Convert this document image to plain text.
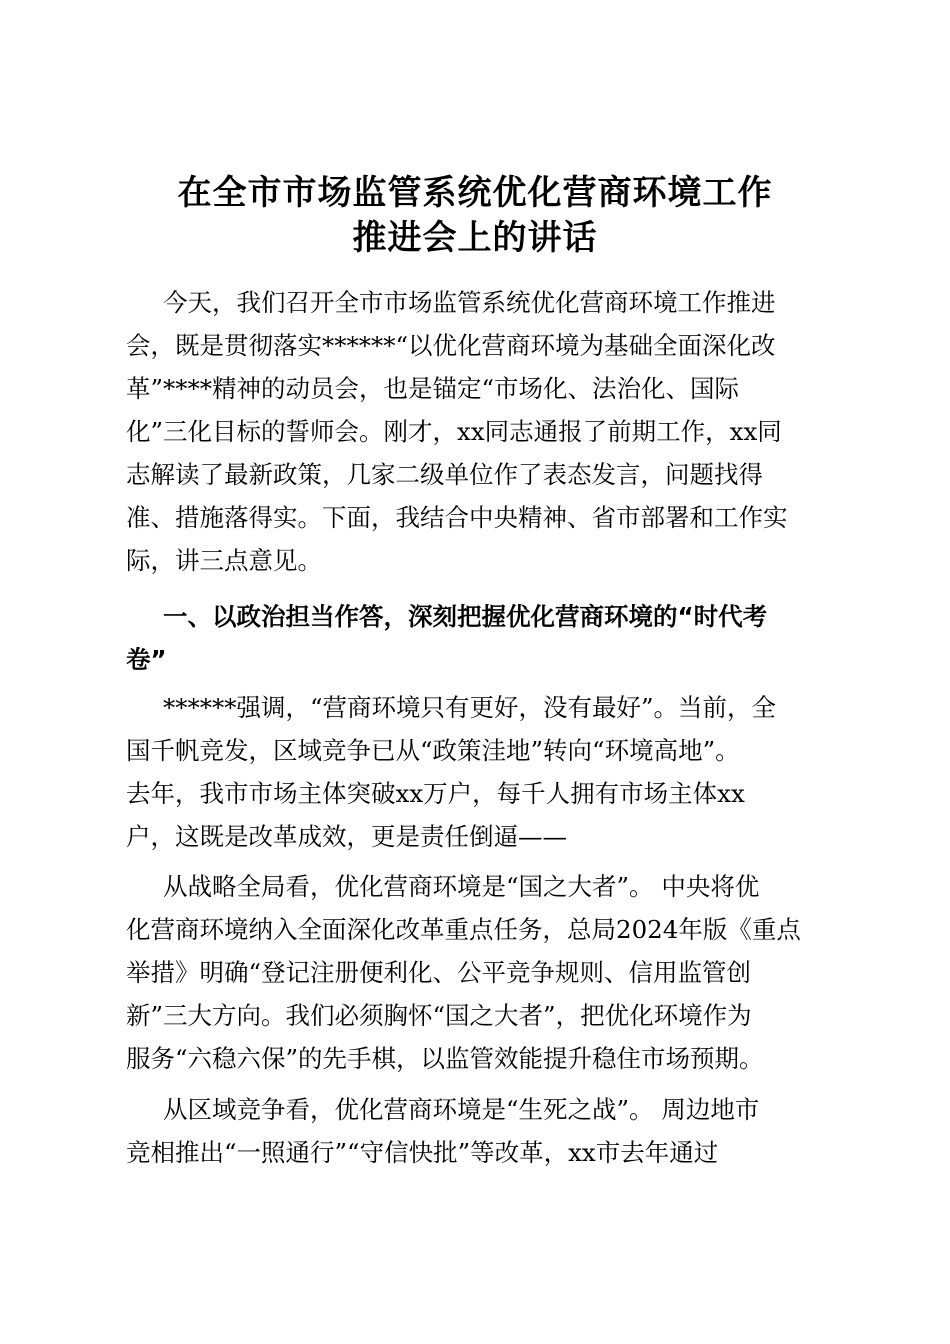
在全市市场监管系统优化营商环境工作
推进会上的讲话

今天，我们召开全市市场监管系统优化营商环境工作推进

会，既是贯彻落实******“以优化营商环境为基础全面深化改

革”****精神的动员会，也是锚定“市场化、法治化、国际

化”三化目标的誓师会。刚才，xx同志通报了前期工作，xx同

志解读了最新政策，几家二级单位作了表态发言，问题找得

准、措施落得实。下面，我结合中央精神、省市部署和工作实

际，讲三点意见。

一、以政治担当作答，深刻把握优化营商环境的“时代考

卷”

******强调，“营商环境只有更好，没有最好”。当前，全

国千帆竞发，区域竞争已从“政策洼地”转向“环境高地”。

去年，我市市场主体突破xx万户，每千人拥有市场主体xx

户，这既是改革成效，更是责任倒逼——

从战略全局看，优化营商环境是“国之大者”。 中央将优

化营商环境纳入全面深化改革重点任务，总局2024年版《重点

举措》明确“登记注册便利化、公平竞争规则、信用监管创

新”三大方向。我们必须胸怀“国之大者”，把优化环境作为

服务“六稳六保”的先手棋，以监管效能提升稳住市场预期。

从区域竞争看，优化营商环境是“生死之战”。 周边地市

竞相推出“一照通行”“守信快批”等改革，xx市去年通过
